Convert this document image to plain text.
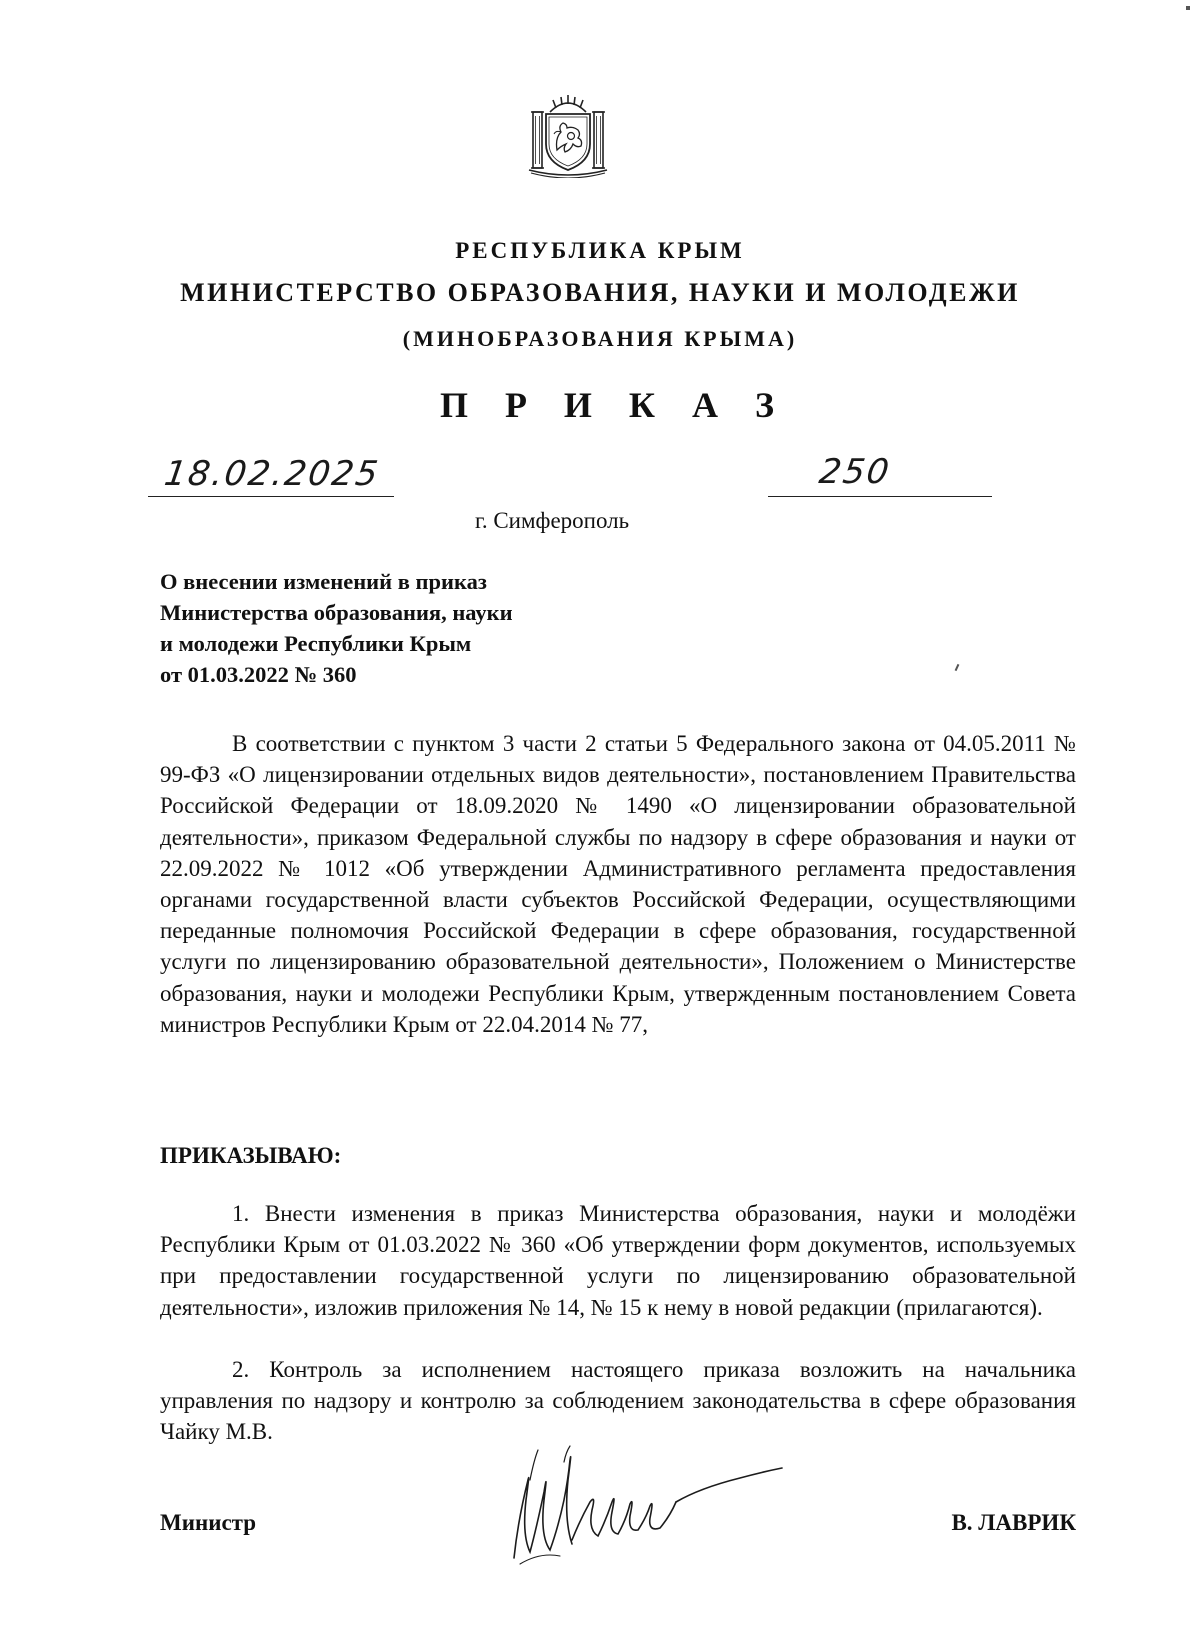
РЕСПУБЛИКА КРЫМ

МИНИСТЕРСТВО ОБРАЗОВАНИЯ, НАУКИ И МОЛОДЕЖИ

(МИНОБРАЗОВАНИЯ КРЫМА)

П Р И К А З

18.02.2025	250

г. Симферополь

О внесении изменений в приказ
Министерства образования, науки
и молодежи Республики Крым
от 01.03.2022 № 360

В соответствии с пунктом 3 части 2 статьи 5 Федерального закона от 04.05.2011 № 99-ФЗ «О лицензировании отдельных видов деятельности», постановлением Правительства Российской Федерации от 18.09.2020 № 1490 «О лицензировании образовательной деятельности», приказом Федеральной службы по надзору в сфере образования и науки от 22.09.2022 № 1012 «Об утверждении Административного регламента предоставления органами государственной власти субъектов Российской Федерации, осуществляющими переданные полномочия Российской Федерации в сфере образования, государственной услуги по лицензированию образовательной деятельности», Положением о Министерстве образования, науки и молодежи Республики Крым, утвержденным постановлением Совета министров Республики Крым от 22.04.2014 № 77,

ПРИКАЗЫВАЮ:

1. Внести изменения в приказ Министерства образования, науки и молодёжи Республики Крым от 01.03.2022 № 360 «Об утверждении форм документов, используемых при предоставлении государственной услуги по лицензированию образовательной деятельности», изложив приложения № 14, № 15 к нему в новой редакции (прилагаются).

2. Контроль за исполнением настоящего приказа возложить на начальника управления по надзору и контролю за соблюдением законодательства в сфере образования Чайку М.В.

Министр	В. ЛАВРИК
